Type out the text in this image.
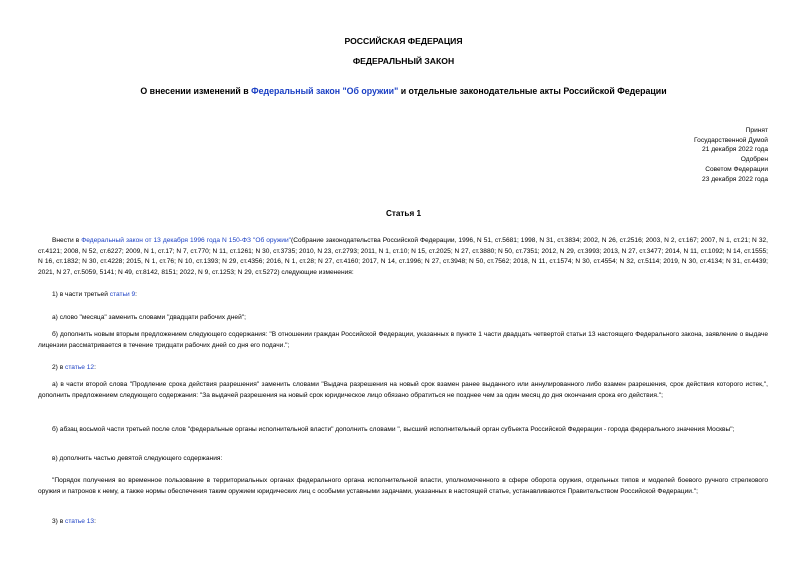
РОССИЙСКАЯ ФЕДЕРАЦИЯ
ФЕДЕРАЛЬНЫЙ ЗАКОН
О внесении изменений в Федеральный закон "Об оружии" и отдельные законодательные акты Российской Федерации
Принят
Государственной Думой
21 декабря 2022 года
Одобрен
Советом Федерации
23 декабря 2022 года
Статья 1

Внести в Федеральный закон от 13 декабря 1996 года N 150-ФЗ "Об оружии"(Собрание законодательства Российской Федерации, 1996, N 51, ст.5681; 1998, N 31, ст.3834; 2002, N 26, ст.2516; 2003, N 2, ст.167; 2007, N 1, ст.21; N 32, ст.4121; 2008, N 52, ст.6227; 2009, N 1, ст.17; N 7, ст.770; N 11, ст.1261; N 30, ст.3735; 2010, N 23, ст.2793; 2011, N 1, ст.10; N 15, ст.2025; N 27, ст.3880; N 50, ст.7351; 2012, N 29, ст.3993; 2013, N 27, ст.3477; 2014, N 11, ст.1092; N 14, ст.1555; N 16, ст.1832; N 30, ст.4228; 2015, N 1, ст.76; N 10, ст.1393; N 29, ст.4356; 2016, N 1, ст.28; N 27, ст.4160; 2017, N 14, ст.1996; N 27, ст.3948; N 50, ст.7562; 2018, N 11, ст.1574; N 30, ст.4554; N 32, ст.5114; 2019, N 30, ст.4134; N 31, ст.4439; 2021, N 27, ст.5059, 5141; N 49, ст.8142, 8151; 2022, N 9, ст.1253; N 29, ст.5272) следующие изменения:

1) в части третьей статьи 9:

а) слово "месяца" заменить словами "двадцати рабочих дней";

б) дополнить новым вторым предложением следующего содержания: "В отношении граждан Российской Федерации, указанных в пункте 1 части двадцать четвертой статьи 13 настоящего Федерального закона, заявление о выдаче лицензии рассматривается в течение тридцати рабочих дней со дня его подачи.";

2) в статье 12:

а) в части второй слова "Продление срока действия разрешения" заменить словами "Выдача разрешения на новый срок взамен ранее выданного или аннулированного либо взамен разрешения, срок действия которого истек,", дополнить предложением следующего содержания: "За выдачей разрешения на новый срок юридическое лицо обязано обратиться не позднее чем за один месяц до дня окончания срока его действия.";

б) абзац восьмой части третьей после слов "федеральные органы исполнительной власти" дополнить словами ", высший исполнительный орган субъекта Российской Федерации - города федерального значения Москвы";

в) дополнить частью девятой следующего содержания:

"Порядок получения во временное пользование в территориальных органах федерального органа исполнительной власти, уполномоченного в сфере оборота оружия, отдельных типов и моделей боевого ручного стрелкового оружия и патронов к нему, а также нормы обеспечения таким оружием юридических лиц с особыми уставными задачами, указанных в настоящей статье, устанавливаются Правительством Российской Федерации.";

3) в статье 13:
